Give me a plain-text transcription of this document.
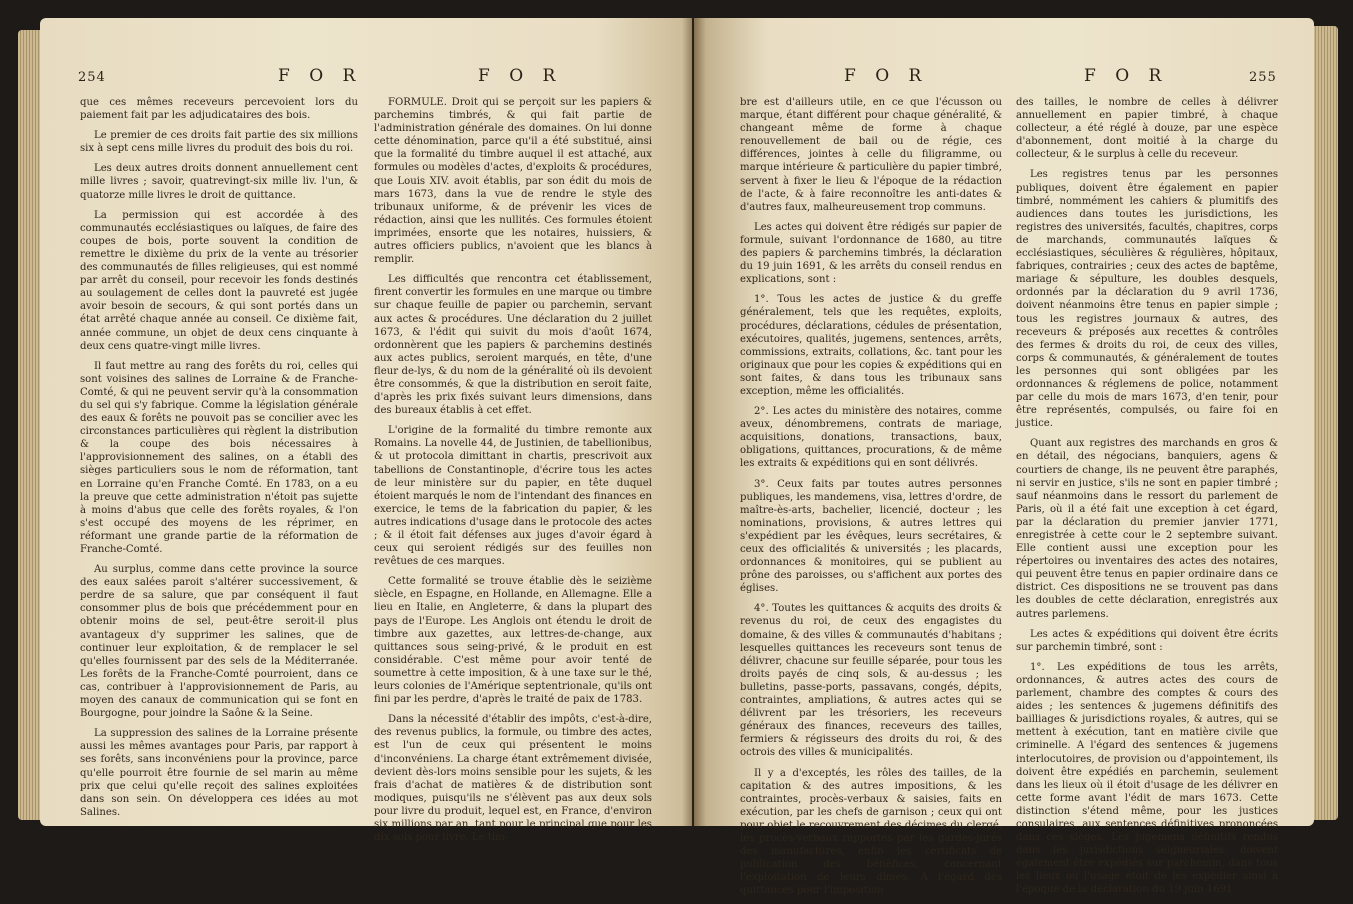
254	F O R	F O R

que ces mêmes receveurs percevoient lors du paiement fait par les adjudicataires des bois.

Le premier de ces droits fait partie des six millions six à sept cens mille livres du produit des bois du roi.

Les deux autres droits donnent annuellement cent mille livres ; savoir, quatrevingt-six mille liv. l'un, & quatorze mille livres le droit de quittance.

La permission qui est accordée à des communautés ecclésiastiques ou laïques, de faire des coupes de bois, porte souvent la condition de remettre le dixième du prix de la vente au trésorier des communautés de filles religieuses, qui est nommé par arrêt du conseil, pour recevoir les fonds destinés au soulagement de celles dont la pauvreté est jugée avoir besoin de secours, & qui sont portés dans un état arrêté chaque année au conseil. Ce dixième fait, année commune, un objet de deux cens cinquante à deux cens quatre-vingt mille livres.

Il faut mettre au rang des forêts du roi, celles qui sont voisines des salines de Lorraine & de Franche-Comté, & qui ne peuvent servir qu'à la consommation du sel qui s'y fabrique. Comme la législation générale des eaux & forêts ne pouvoit pas se concilier avec les circonstances particulières qui règlent la distribution & la coupe des bois nécessaires à l'approvisionnement des salines, on a établi des sièges particuliers sous le nom de réformation, tant en Lorraine qu'en Franche Comté. En 1783, on a eu la preuve que cette administration n'étoit pas sujette à moins d'abus que celle des forêts royales, & l'on s'est occupé des moyens de les réprimer, en réformant une grande partie de la réformation de Franche-Comté.

Au surplus, comme dans cette province la source des eaux salées paroit s'altérer successivement, & perdre de sa salure, que par conséquent il faut consommer plus de bois que précédemment pour en obtenir moins de sel, peut-être seroit-il plus avantageux d'y supprimer les salines, que de continuer leur exploitation, & de remplacer le sel qu'elles fournissent par des sels de la Méditerranée. Les forêts de la Franche-Comté pourroient, dans ce cas, contribuer à l'approvisionnement de Paris, au moyen des canaux de communication qui se font en Bourgogne, pour joindre la Saône & la Seine.

La suppression des salines de la Lorraine présente aussi les mêmes avantages pour Paris, par rapport à ses forêts, sans inconvéniens pour la province, parce qu'elle pourroit être fournie de sel marin au même prix que celui qu'elle reçoit des salines exploitées dans son sein. On développera ces idées au mot Salines.

FORMULE. Droit qui se perçoit sur les papiers & parchemins timbrés, & qui fait partie de l'administration générale des domaines. On lui donne cette dénomination, parce qu'il a été substitué, ainsi que la formalité du timbre auquel il est attaché, aux formules ou modèles d'actes, d'exploits & procédures, que Louis XIV. avoit établis, par son édit du mois de mars 1673, dans la vue de rendre le style des tribunaux uniforme, & de prévenir les vices de rédaction, ainsi que les nullités. Ces formules étoient imprimées, ensorte que les notaires, huissiers, & autres officiers publics, n'avoient que les blancs à remplir.

Les difficultés que rencontra cet établissement, firent convertir les formules en une marque ou timbre sur chaque feuille de papier ou parchemin, servant aux actes & procédures. Une déclaration du 2 juillet 1673, & l'édit qui suivit du mois d'août 1674, ordonnèrent que les papiers & parchemins destinés aux actes publics, seroient marqués, en tête, d'une fleur de-lys, & du nom de la généralité où ils devoient être consommés, & que la distribution en seroit faite, d'après les prix fixés suivant leurs dimensions, dans des bureaux établis à cet effet.

L'origine de la formalité du timbre remonte aux Romains. La novelle 44, de Justinien, de tabellionibus, & ut protocola dimittant in chartis, prescrivoit aux tabellions de Constantinople, d'écrire tous les actes de leur ministère sur du papier, en tête duquel étoient marqués le nom de l'intendant des finances en exercice, le tems de la fabrication du papier, & les autres indications d'usage dans le protocole des actes ; & il étoit fait défenses aux juges d'avoir égard à ceux qui seroient rédigés sur des feuilles non revêtues de ces marques.

Cette formalité se trouve établie dès le seizième siècle, en Espagne, en Hollande, en Allemagne. Elle a lieu en Italie, en Angleterre, & dans la plupart des pays de l'Europe. Les Anglois ont étendu le droit de timbre aux gazettes, aux lettres-de-change, aux quittances sous seing-privé, & le produit en est considérable. C'est même pour avoir tenté de soumettre à cette imposition, & à une taxe sur le thé, leurs colonies de l'Amérique septentrionale, qu'ils ont fini par les perdre, d'après le traité de paix de 1783.

Dans la nécessité d'établir des impôts, c'est-à-dire, des revenus publics, la formule, ou timbre des actes, est l'un de ceux qui présentent le moins d'inconvéniens. La charge étant extrêmement divisée, devient dès-lors moins sensible pour les sujets, & les frais d'achat de matières & de distribution sont modiques, puisqu'ils ne s'élèvent pas aux deux sols pour livre du produit, lequel est, en France, d'environ six millions par an, tant pour le principal que pour les dix sols pour livre. Le tim-

F O R	F O R	255

bre est d'ailleurs utile, en ce que l'écusson ou marque, étant différent pour chaque généralité, & changeant même de forme à chaque renouvellement de bail ou de régie, ces différences, jointes à celle du filigramme, ou marque intérieure & particulière du papier timbré, servent à fixer le lieu & l'époque de la rédaction de l'acte, & à faire reconnoître les anti-dates & d'autres faux, malheureusement trop communs.

Les actes qui doivent être rédigés sur papier de formule, suivant l'ordonnance de 1680, au titre des papiers & parchemins timbrés, la déclaration du 19 juin 1691, & les arrêts du conseil rendus en explications, sont :

1°. Tous les actes de justice & du greffe généralement, tels que les requêtes, exploits, procédures, déclarations, cédules de présentation, exécutoires, qualités, jugemens, sentences, arrêts, commissions, extraits, collations, &c. tant pour les originaux que pour les copies & expéditions qui en sont faites, & dans tous les tribunaux sans exception, même les officialités.

2°. Les actes du ministère des notaires, comme aveux, dénombremens, contrats de mariage, acquisitions, donations, transactions, baux, obligations, quittances, procurations, & de même les extraits & expéditions qui en sont délivrés.

3°. Ceux faits par toutes autres personnes publiques, les mandemens, visa, lettres d'ordre, de maître-ès-arts, bachelier, licencié, docteur ; les nominations, provisions, & autres lettres qui s'expédient par les évêques, leurs secrétaires, & ceux des officialités & universités ; les placards, ordonnances & monitoires, qui se publient au prône des paroisses, ou s'affichent aux portes des églises.

4°. Toutes les quittances & acquits des droits & revenus du roi, de ceux des engagistes du domaine, & des villes & communautés d'habitans ; lesquelles quittances les receveurs sont tenus de délivrer, chacune sur feuille séparée, pour tous les droits payés de cinq sols, & au-dessus ; les bulletins, passe-ports, passavans, congés, dépits, contraintes, ampliations, & autres actes qui se délivrent par les trésoriers, les receveurs généraux des finances, receveurs des tailles, fermiers & régisseurs des droits du roi, & des octrois des villes & municipalités.

Il y a d'exceptés, les rôles des tailles, de la capitation & des autres impositions, & les contraintes, procès-verbaux & saisies, faits en exécution, par les chefs de garnison ; ceux qui ont pour objet le recouvrement des décimes du clergé, les procès-verbaux rapportés par les gardes-jurés des manufactures, enfin les certificats de publication des bénéfices, concernant l'exploitation de leurs dîmes. A l'égard des quittances pour l'imposition

des tailles, le nombre de celles à délivrer annuellement en papier timbré, à chaque collecteur, a été réglé à douze, par une espèce d'abonnement, dont moitié à la charge du collecteur, & le surplus à celle du receveur.

Les registres tenus par les personnes publiques, doivent être également en papier timbré, nommément les cahiers & plumitifs des audiences dans toutes les jurisdictions, les registres des universités, facultés, chapitres, corps de marchands, communautés laïques & ecclésiastiques, séculières & régulières, hôpitaux, fabriques, contrairies ; ceux des actes de baptême, mariage & sépulture, les doubles desquels, ordonnés par la déclaration du 9 avril 1736, doivent néanmoins être tenus en papier simple ; tous les registres journaux & autres, des receveurs & préposés aux recettes & contrôles des fermes & droits du roi, de ceux des villes, corps & communautés, & généralement de toutes les personnes qui sont obligées par les ordonnances & réglemens de police, notamment par celle du mois de mars 1673, d'en tenir, pour être représentés, compulsés, ou faire foi en justice.

Quant aux registres des marchands en gros & en détail, des négocians, banquiers, agens & courtiers de change, ils ne peuvent être paraphés, ni servir en justice, s'ils ne sont en papier timbré ; sauf néanmoins dans le ressort du parlement de Paris, où il a été fait une exception à cet égard, par la déclaration du premier janvier 1771, enregistrée à cette cour le 2 septembre suivant. Elle contient aussi une exception pour les répertoires ou inventaires des actes des notaires, qui peuvent être tenus en papier ordinaire dans ce district. Ces dispositions ne se trouvent pas dans les doubles de cette déclaration, enregistrés aux autres parlemens.

Les actes & expéditions qui doivent être écrits sur parchemin timbré, sont :

1°. Les expéditions de tous les arrêts, ordonnances, & autres actes des cours de parlement, chambre des comptes & cours des aides ; les sentences & jugemens définitifs des bailliages & jurisdictions royales, & autres, qui se mettent à exécution, tant en matière civile que criminelle. A l'égard des sentences & jugemens interlocutoires, de provision ou d'appointement, ils doivent être expédiés en parchemin, seulement dans les lieux où il étoit d'usage de les délivrer en cette forme avant l'édit de mars 1673. Cette distinction s'étend même, pour les justices consulaires, aux sentences définitives prononcées dans ces sièges. Les jugemens définitifs rendus dans les jurisdictions seigneuriales, doivent également être expédiés sur parchemin, dans tous les lieux où l'usage étoit de les expédier ainsi à l'époque de la déclaration du 19 juin 1691.
